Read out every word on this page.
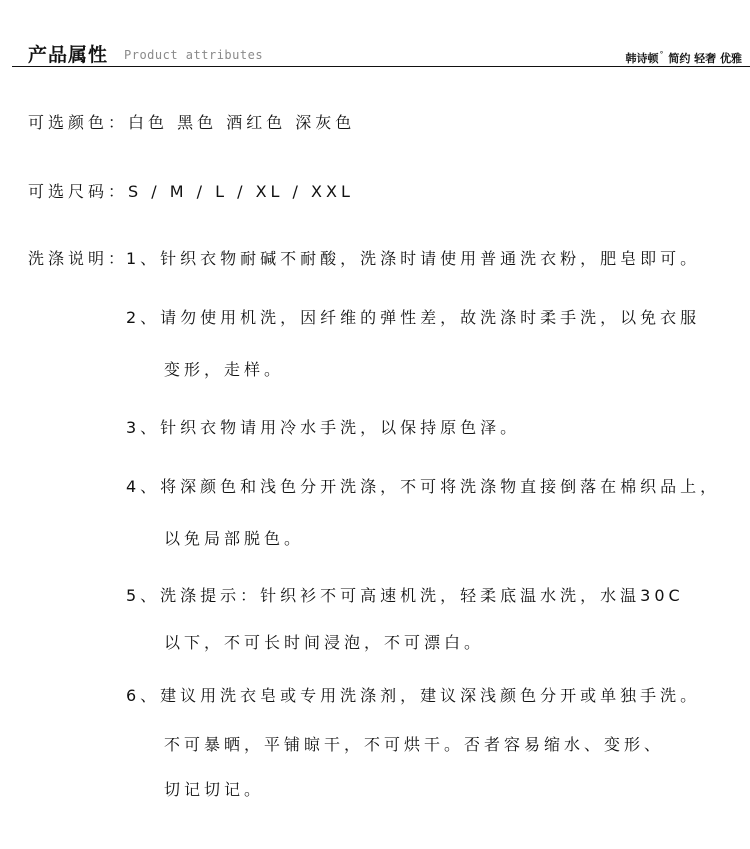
产品属性 Product attributes	韩诗顿° 简约 轻奢 优雅
可选颜色：白色 黑色 酒红色 深灰色
可选尺码：S / M / L / XL / XXL
洗涤说明：
1、针织衣物耐碱不耐酸，洗涤时请使用普通洗衣粉，肥皂即可。
2、请勿使用机洗，因纤维的弹性差，故洗涤时柔手洗，以免衣服
变形，走样。
3、针织衣物请用冷水手洗，以保持原色泽。
4、将深颜色和浅色分开洗涤，不可将洗涤物直接倒落在棉织品上，
以免局部脱色。
5、洗涤提示：针织衫不可高速机洗，轻柔底温水洗，水温30C
以下，不可长时间浸泡，不可漂白。
6、建议用洗衣皂或专用洗涤剂，建议深浅颜色分开或单独手洗。
不可暴晒，平铺晾干，不可烘干。否者容易缩水、变形、
切记切记。
